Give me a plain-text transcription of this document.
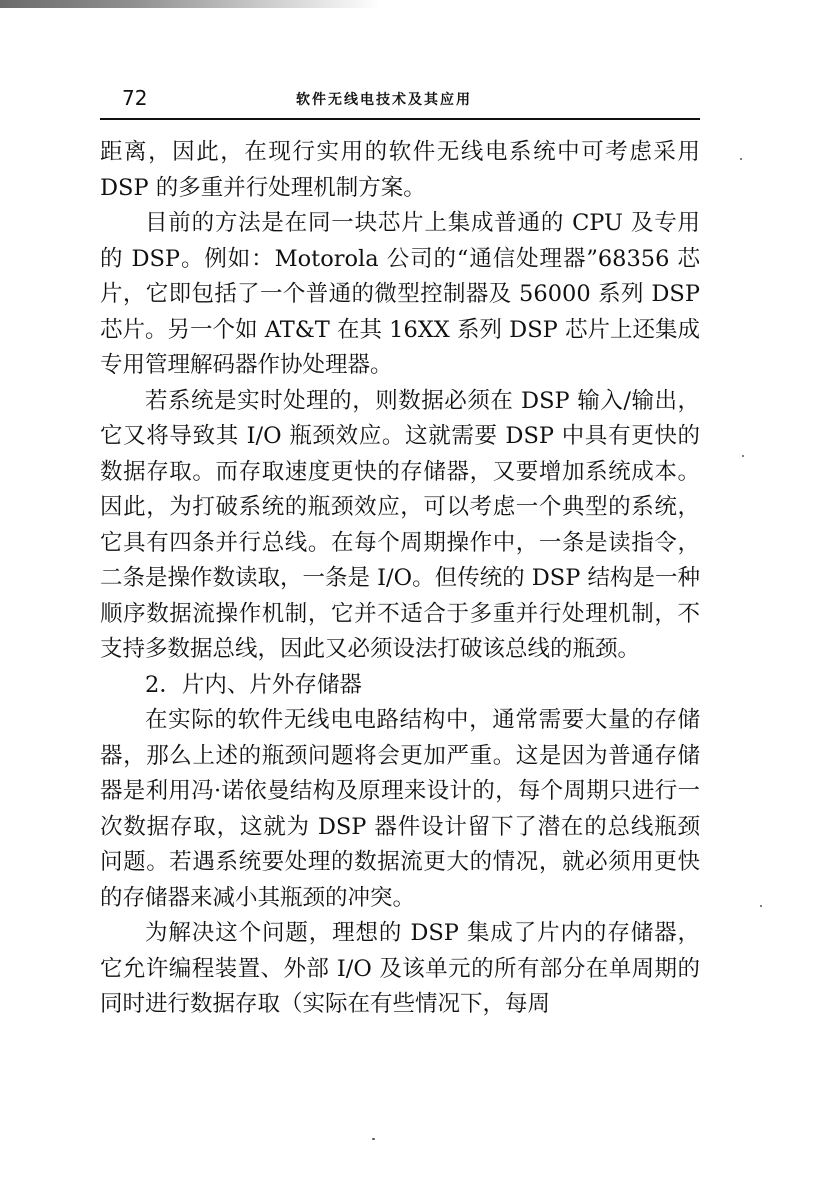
72	软件无线电技术及其应用

距离，因此，在现行实用的软件无线电系统中可考虑采用 DSP 的多重并行处理机制方案。

目前的方法是在同一块芯片上集成普通的 CPU 及专用的 DSP。例如：Motorola 公司的“通信处理器”68356 芯片，它即包括了一个普通的微型控制器及 56000 系列 DSP 芯片。另一个如 AT&T 在其 16XX 系列 DSP 芯片上还集成专用管理解码器作协处理器。

若系统是实时处理的，则数据必须在 DSP 输入/输出，它又将导致其 I/O 瓶颈效应。这就需要 DSP 中具有更快的数据存取。而存取速度更快的存储器，又要增加系统成本。因此，为打破系统的瓶颈效应，可以考虑一个典型的系统，它具有四条并行总线。在每个周期操作中，一条是读指令，二条是操作数读取，一条是 I/O。但传统的 DSP 结构是一种顺序数据流操作机制，它并不适合于多重并行处理机制，不支持多数据总线，因此又必须设法打破该总线的瓶颈。

2．片内、片外存储器

在实际的软件无线电电路结构中，通常需要大量的存储器，那么上述的瓶颈问题将会更加严重。这是因为普通存储器是利用冯·诺依曼结构及原理来设计的，每个周期只进行一次数据存取，这就为 DSP 器件设计留下了潜在的总线瓶颈问题。若遇系统要处理的数据流更大的情况，就必须用更快的存储器来减小其瓶颈的冲突。

为解决这个问题，理想的 DSP 集成了片内的存储器，它允许编程装置、外部 I/O 及该单元的所有部分在单周期的同时进行数据存取（实际在有些情况下，每周
